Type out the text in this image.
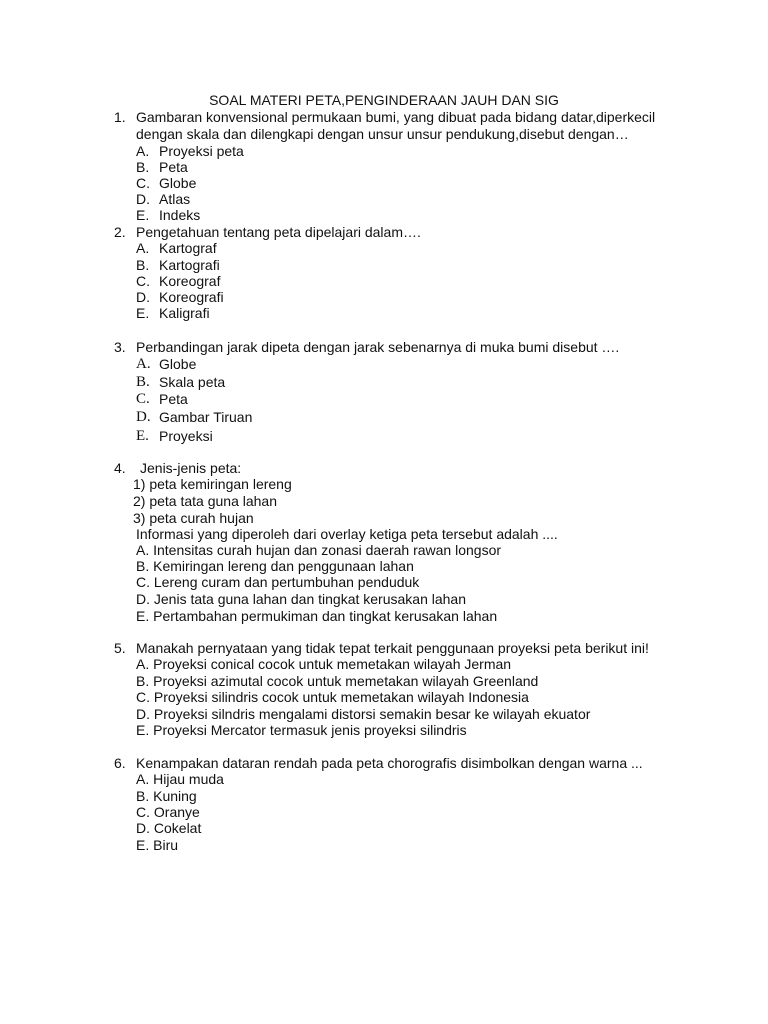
SOAL MATERI PETA,PENGINDERAAN JAUH DAN SIG
1. Gambaran konvensional permukaan bumi, yang dibuat pada bidang datar,diperkecil
dengan skala dan dilengkapi dengan unsur unsur pendukung,disebut dengan…
A. Proyeksi peta
B. Peta
C. Globe
D. Atlas
E. Indeks
2. Pengetahuan tentang peta dipelajari dalam….
A. Kartograf
B. Kartografi
C. Koreograf
D. Koreografi
E. Kaligrafi
3. Perbandingan jarak dipeta dengan jarak sebenarnya di muka bumi disebut ….
A. Globe
B. Skala peta
C. Peta
D. Gambar Tiruan
E. Proyeksi
4. Jenis-jenis peta:
1) peta kemiringan lereng
2) peta tata guna lahan
3) peta curah hujan
Informasi yang diperoleh dari overlay ketiga peta tersebut adalah ....
A. Intensitas curah hujan dan zonasi daerah rawan longsor
B. Kemiringan lereng dan penggunaan lahan
C. Lereng curam dan pertumbuhan penduduk
D. Jenis tata guna lahan dan tingkat kerusakan lahan
E. Pertambahan permukiman dan tingkat kerusakan lahan
5. Manakah pernyataan yang tidak tepat terkait penggunaan proyeksi peta berikut ini!
A. Proyeksi conical cocok untuk memetakan wilayah Jerman
B. Proyeksi azimutal cocok untuk memetakan wilayah Greenland
C. Proyeksi silindris cocok untuk memetakan wilayah Indonesia
D. Proyeksi silndris mengalami distorsi semakin besar ke wilayah ekuator
E. Proyeksi Mercator termasuk jenis proyeksi silindris
6. Kenampakan dataran rendah pada peta chorografis disimbolkan dengan warna ...
A. Hijau muda
B. Kuning
C. Oranye
D. Cokelat
E. Biru
